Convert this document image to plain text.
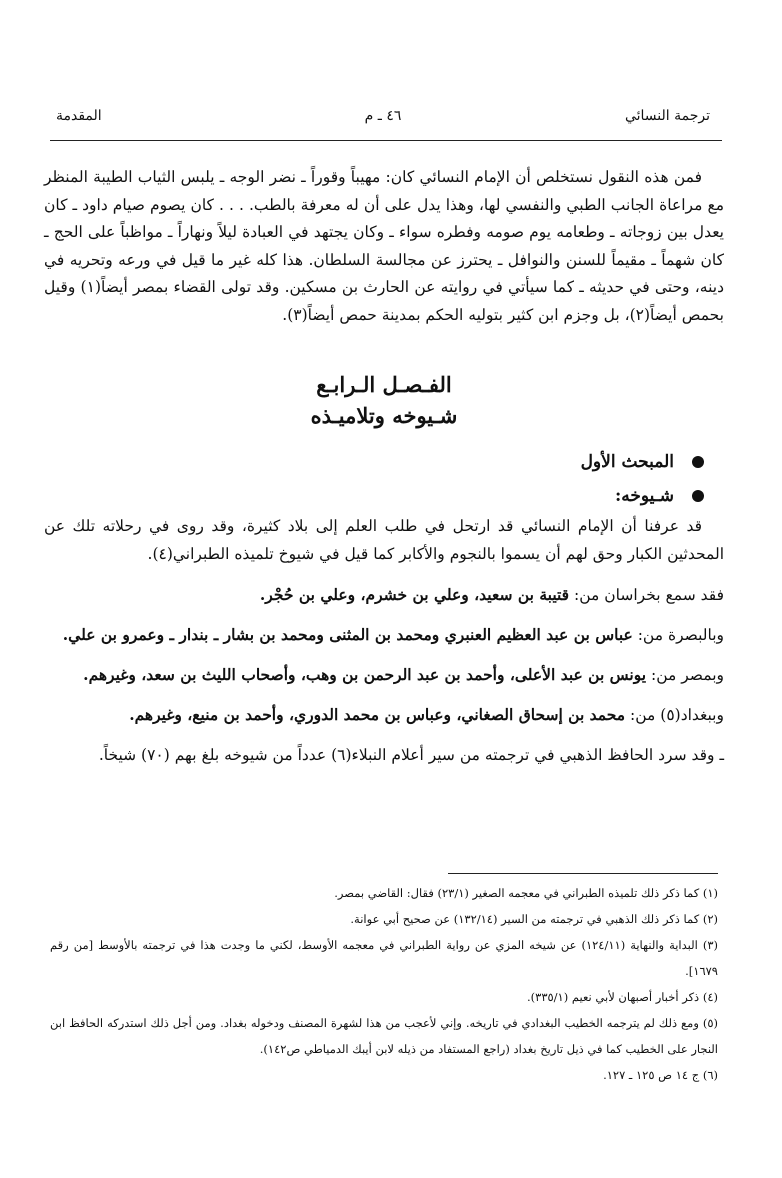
ترجمة النسائي
٤٦ ـ م
المقدمة

فمن هذه النقول نستخلص أن الإمام النسائي كان: مهيباً وقوراً ـ نضر الوجه ـ يلبس الثياب الطيبة المنظر مع مراعاة الجانب الطبي والنفسي لها، وهذا يدل على أن له معرفة بالطب. . . . كان يصوم صيام داود ـ كان يعدل بين زوجاته ـ وطعامه يوم صومه وفطره سواء ـ وكان يجتهد في العبادة ليلاً ونهاراً ـ مواظباً على الحج ـ كان شهماً ـ مقيماً للسنن والنوافل ـ يحترز عن مجالسة السلطان. هذا كله غير ما قيل في ورعه وتحريه في دينه، وحتى في حديثه ـ كما سيأتي في روايته عن الحارث بن مسكين. وقد تولى القضاء بمصر أيضاً(١) وقيل بحمص أيضاً(٢)، بل وجزم ابن كثير بتوليه الحكم بمدينة حمص أيضاً(٣).

الفـصـل الـرابـع
شـيوخه وتلاميـذه
المبحث الأول
شـيوخه:

قد عرفنا أن الإمام النسائي قد ارتحل في طلب العلم إلى بلاد كثيرة، وقد روى في رحلاته تلك عن المحدثين الكبار وحق لهم أن يسموا بالنجوم والأكابر كما قيل في شيوخ تلميذه الطبراني(٤).

فقد سمع بخراسان من: قتيبة بن سعيد، وعلي بن خشرم، وعلي بن حُجْر.

وبالبصرة من: عباس بن عبد العظيم العنبري ومحمد بن المثنى ومحمد بن بشار ـ بندار ـ وعمرو بن علي.

وبمصر من: يونس بن عبد الأعلى، وأحمد بن عبد الرحمن بن وهب، وأصحاب الليث بن سعد، وغيرهم.

وببغداد(٥) من: محمد بن إسحاق الصغاني، وعباس بن محمد الدوري، وأحمد بن منيع، وغيرهم.

ـ وقد سرد الحافظ الذهبي في ترجمته من سير أعلام النبلاء(٦) عدداً من شيوخه بلغ بهم (٧٠) شيخاً.

(١) كما ذكر ذلك تلميذه الطبراني في معجمه الصغير (٢٣/١) فقال: القاضي بمصر.

(٢) كما ذكر ذلك الذهبي في ترجمته من السير (١٣٢/١٤) عن صحيح أبي عوانة.

(٣) البداية والنهاية (١٢٤/١١) عن شيخه المزي عن رواية الطبراني في معجمه الأوسط، لكني ما وجدت هذا في ترجمته بالأوسط [من رقم ١٦٧٩].

(٤) ذكر أخبار أصبهان لأبي نعيم (٣٣٥/١).

(٥) ومع ذلك لم يترجمه الخطيب البغدادي في تاريخه. وإني لأعجب من هذا لشهرة المصنف ودخوله بغداد. ومن أجل ذلك استدركه الحافظ ابن النجار على الخطيب كما في ذيل تاريخ بغداد (راجع المستفاد من ذيله لابن أيبك الدمياطي ص١٤٢).

(٦) ج ١٤ ص ١٢٥ ـ ١٢٧.
